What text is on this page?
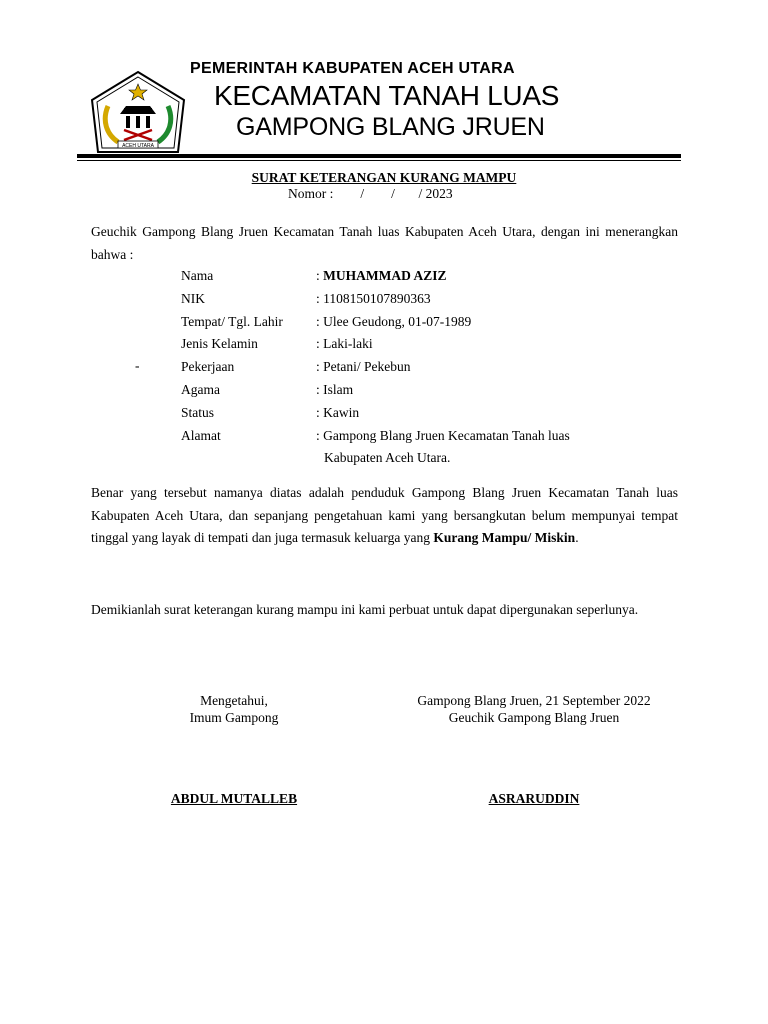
ACEH UTARA
PEMERINTAH KABUPATEN ACEH UTARA
KECAMATAN TANAH LUAS
GAMPONG BLANG JRUEN
SURAT KETERANGAN KURANG MAMPU
Nomor :        /        /       / 2023
Geuchik Gampong Blang Jruen Kecamatan Tanah luas Kabupaten Aceh Utara, dengan ini menerangkan bahwa :
Nama	: MUHAMMAD AZIZ
NIK	: 1108150107890363
Tempat/ Tgl. Lahir : Ulee Geudong, 01-07-1989
Jenis Kelamin	: Laki-laki
Pekerjaan	: Petani/ Pekebun
Agama	: Islam
Status	: Kawin
Alamat	: Gampong Blang Jruen Kecamatan Tanah luas
-
Kabupaten Aceh Utara.
Benar yang tersebut namanya diatas adalah penduduk Gampong Blang Jruen Kecamatan Tanah luas Kabupaten Aceh Utara, dan sepanjang pengetahuan kami yang bersangkutan belum mempunyai tempat tinggal yang layak di tempati dan juga termasuk keluarga yang Kurang Mampu/ Miskin.
Demikianlah surat keterangan kurang mampu ini kami perbuat untuk dapat dipergunakan seperlunya.
Mengetahui,
Imum Gampong
Gampong Blang Jruen, 21 September 2022
Geuchik Gampong Blang Jruen
ABDUL MUTALLEB	ASRARUDDIN
